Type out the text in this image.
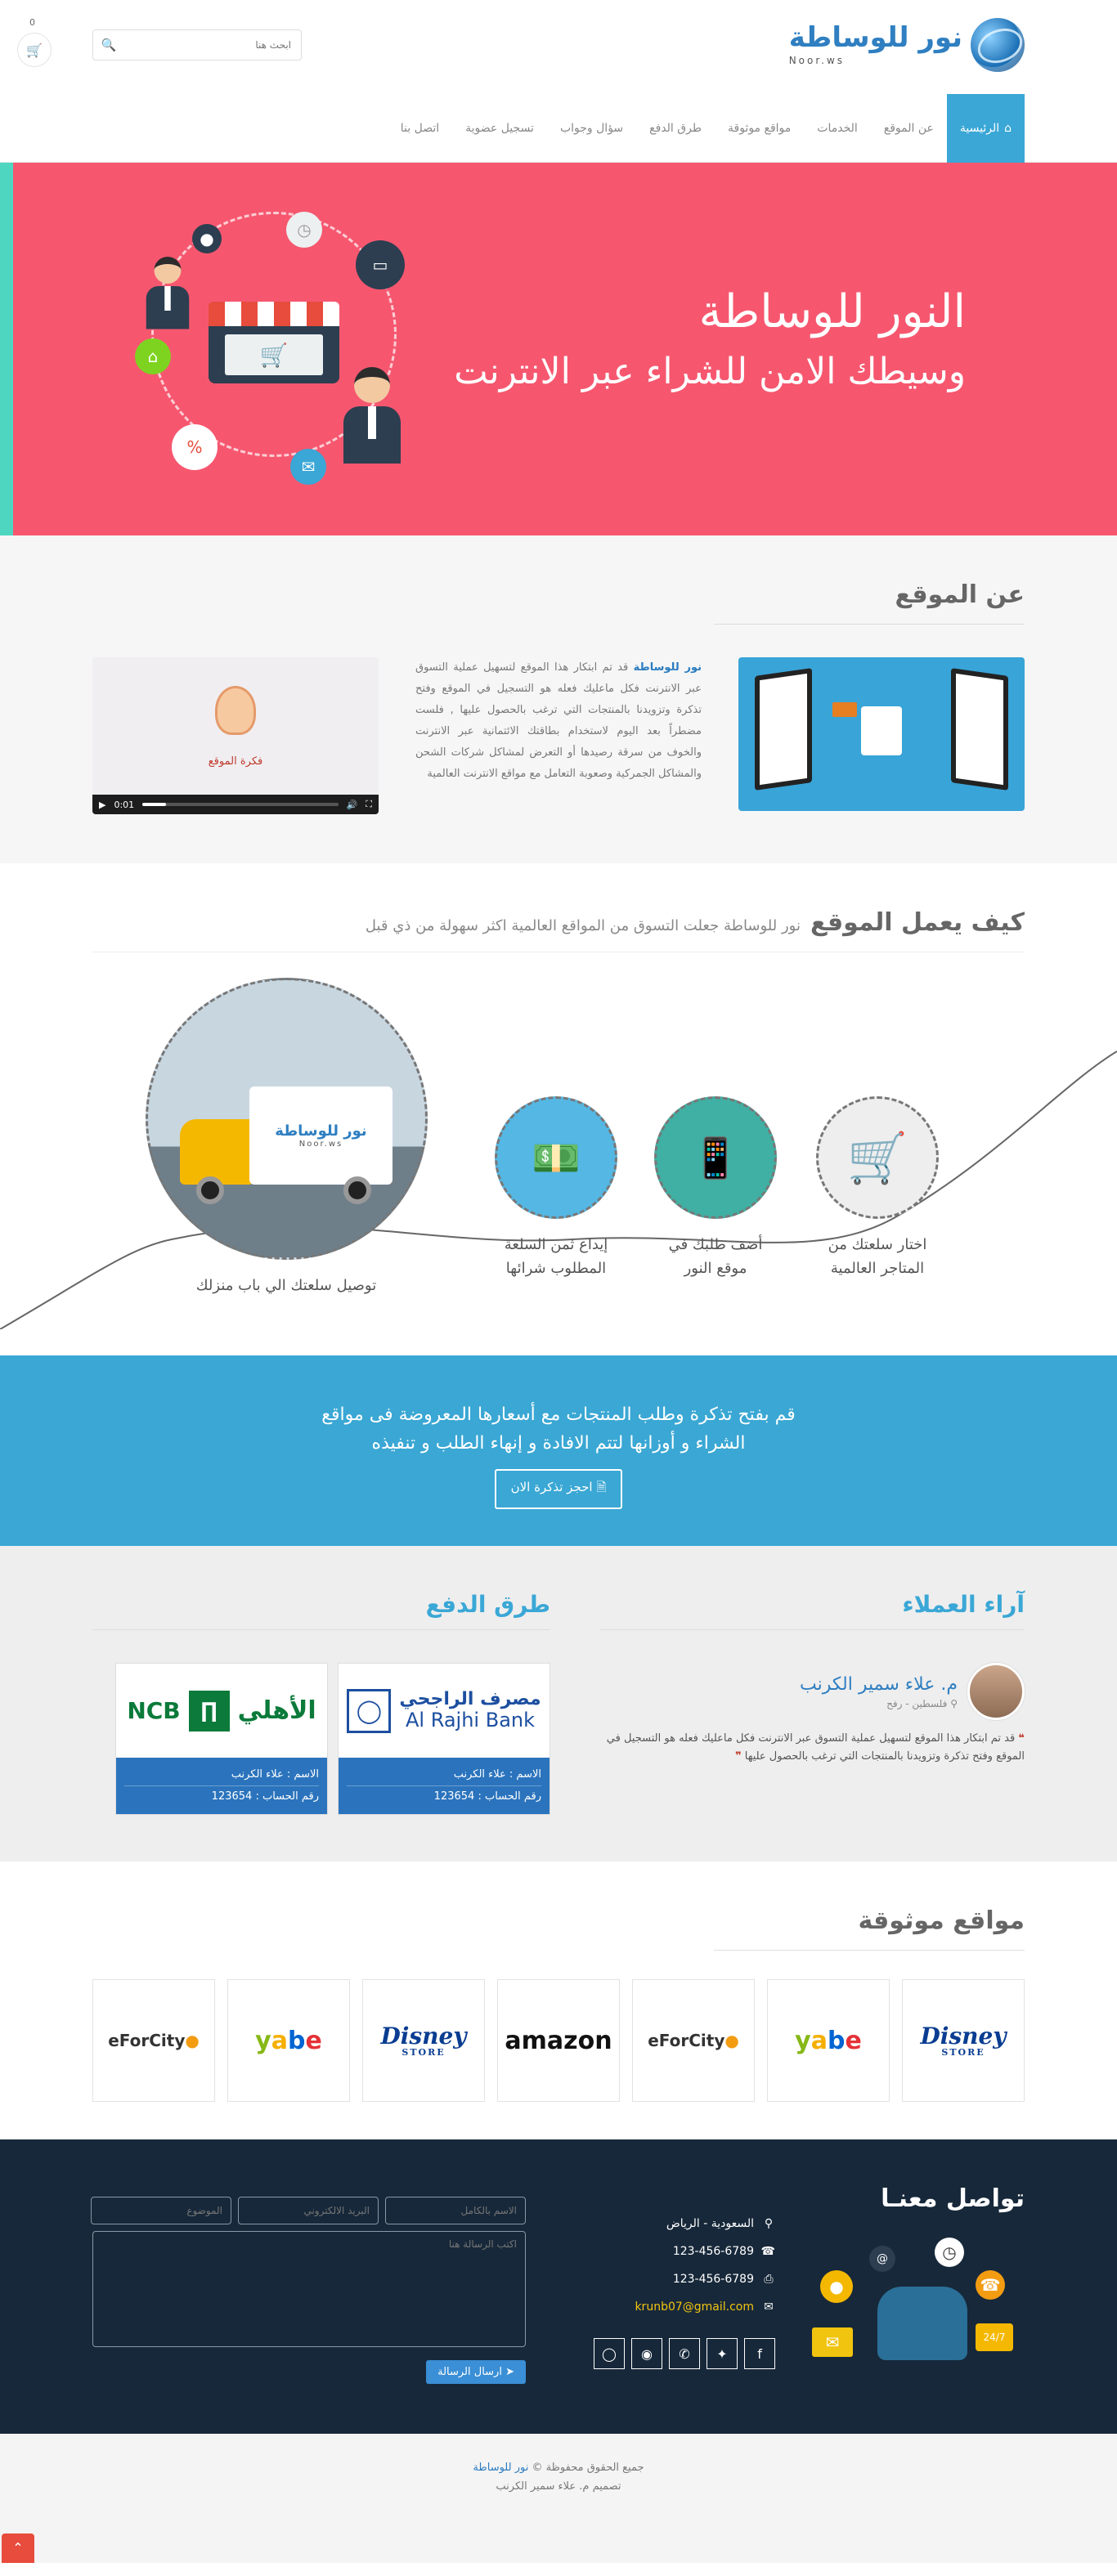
نور للوساطة
Noor.ws
ابحث هنا
🔍
0
🛒
⌂
الرئيسية
عن الموقع
الخدمات
مواقع موثوقة
طرق الدفع
سؤال وجواب
تسجيل عضوية
اتصل بنا
النور للوساطة
وسيطك الامن للشراء عبر الانترنت
●	◷
▭
⌂
%
✉
🛒
عن الموقع

نور للوساطة قد تم ابتكار هذا الموقع لتسهيل عملية التسوق عبر الانترنت فكل ماعليك فعله هو التسجيل في الموقع وفتح تذكرة وتزويدنا بالمنتجات التي ترغب بالحصول عليها , فلست مضطراً بعد اليوم لاستخدام بطاقتك الائتمانية عبر الانترنت والخوف من سرقة رصيدها أو التعرض لمشاكل شركات الشحن والمشاكل الجمركية وصعوبة التعامل مع مواقع الانترنت العالمية

فكرة الموقع
▶ 0:01	🔊 ⛶
كيف يعمل الموقع
نور للوساطة جعلت التسوق من المواقع العالمية اكثر سهولة من ذي قبل
🛒
اختار سلعتك من
المتاجر العالمية
📱
أضف طلبك في
موقع النور
💵
إيداع ثمن السلعة
المطلوب شرائها
نور للوساطة
Noor.ws
توصيل سلعتك الي باب منزلك
قم بفتح تذكرة وطلب المنتجات مع أسعارها المعروضة فى مواقع
الشراء و أوزانها لتتم الافادة و إنهاء الطلب و تنفيذه
🗎 احجز تذكرة الان
آراء العملاء
م. علاء سمير الكرنب
⚲ فلسطين - رفح

❝ قد تم ابتكار هذا الموقع لتسهيل عملية التسوق عبر الانترنت فكل ماعليك فعله هو التسجيل في الموقع وفتح تذكرة وتزويدنا بالمنتجات التي ترغب بالحصول عليها ❞

طرق الدفع
مصرف الراجحي
Al Rajhi Bank
◯
الاسم : علاء الكرنب
رقم الحساب : 123654
الأهلي
∏
NCB
الاسم : علاء الكرنب
رقم الحساب : 123654
مواقع موثوقة
Disney
STORE
e
b
a
y
●
eForCity
amazon
Disney
STORE
e
b
a
y
●
eForCity
تواصل معنـا
●
@	◷
☎
24/7
✉
⚲
السعودية - الرياض
☎
123-456-6789
⎙
123-456-6789
✉
krunb07@gmail.com
f
✦
✆
◉
◯
الاسم بالكامل
البريد الالكتروني
الموضوع
اكتب الرسالة هنا ➤ ارسال الرسالة
جميع الحقوق محفوظة © نور للوساطة
تصميم م. علاء سمير الكرنب
⌃
